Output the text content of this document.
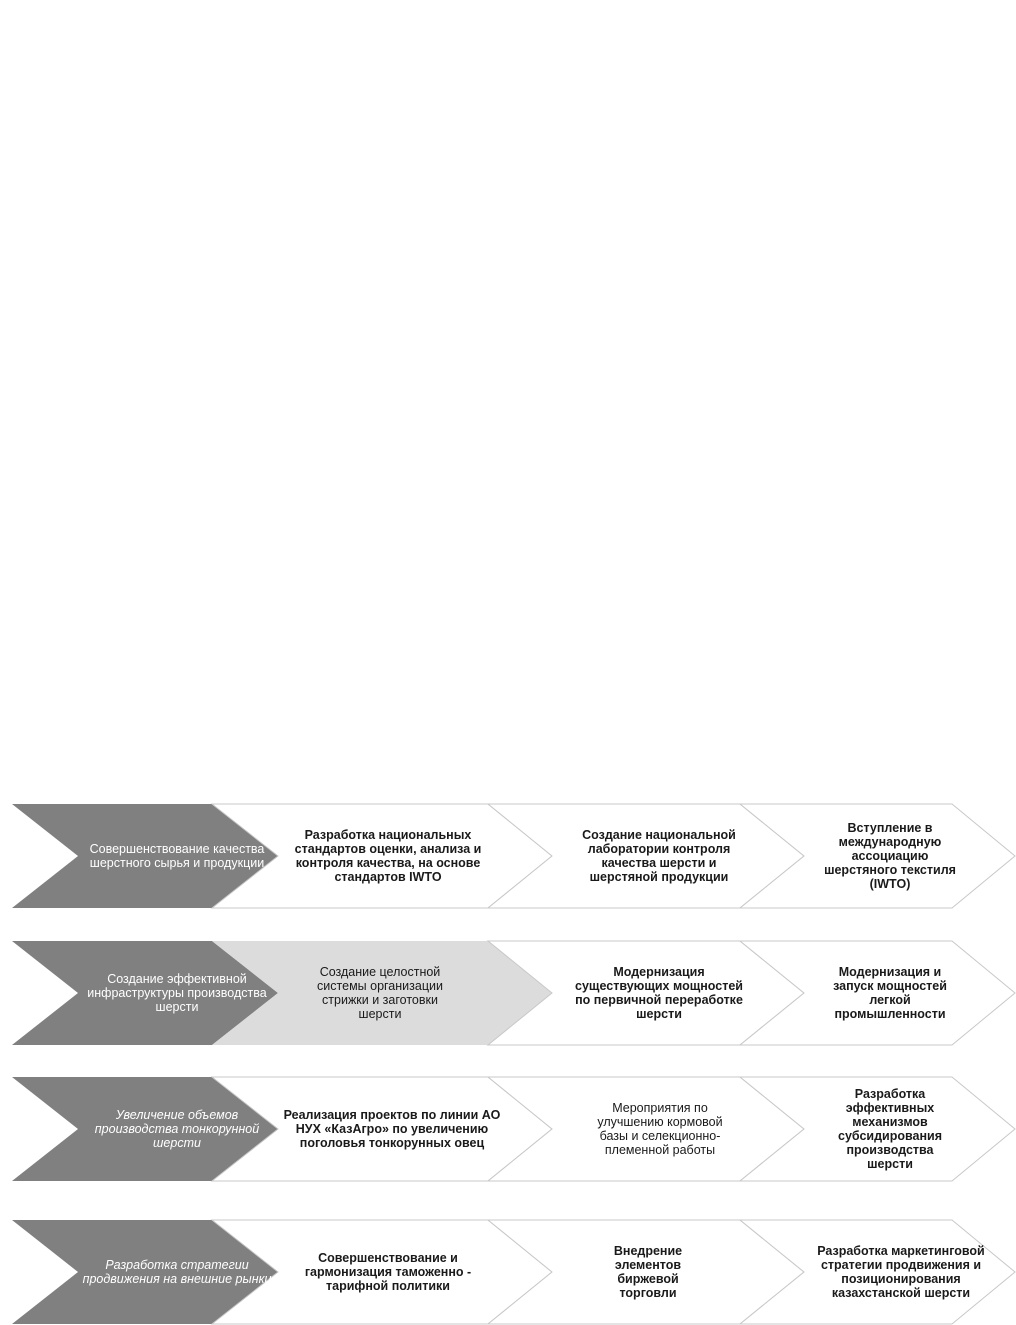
Совершенствование качества шерстного сырья и продукции
Разработка национальных стандартов оценки, анализа и контроля качества, на основе стандартов IWTO
Создание национальной лаборатории контроля качества шерсти и шерстяной продукции
Вступление в международную ассоциацию шерстяного текстиля (IWTO)
Создание эффективной инфраструктуры производства шерсти
Создание целостной системы организации стрижки и заготовки шерсти
Модернизация существующих мощностей по первичной переработке шерсти
Модернизация и запуск мощностей легкой промышленности
Увеличение объемов производства тонкорунной шерсти
Реализация проектов по линии АО НУХ «КазАгро» по увеличению поголовья тонкорунных овец
Мероприятия по улучшению кормовой базы и селекционно-племенной работы
Разработка эффективных механизмов субсидирования производства шерсти
Разработка стратегии продвижения на внешние рынки
Совершенствование и гармонизация таможенно - тарифной политики
Внедрение элементов биржевой торговли
Разработка маркетинговой стратегии продвижения и позиционирования казахстанской шерсти
